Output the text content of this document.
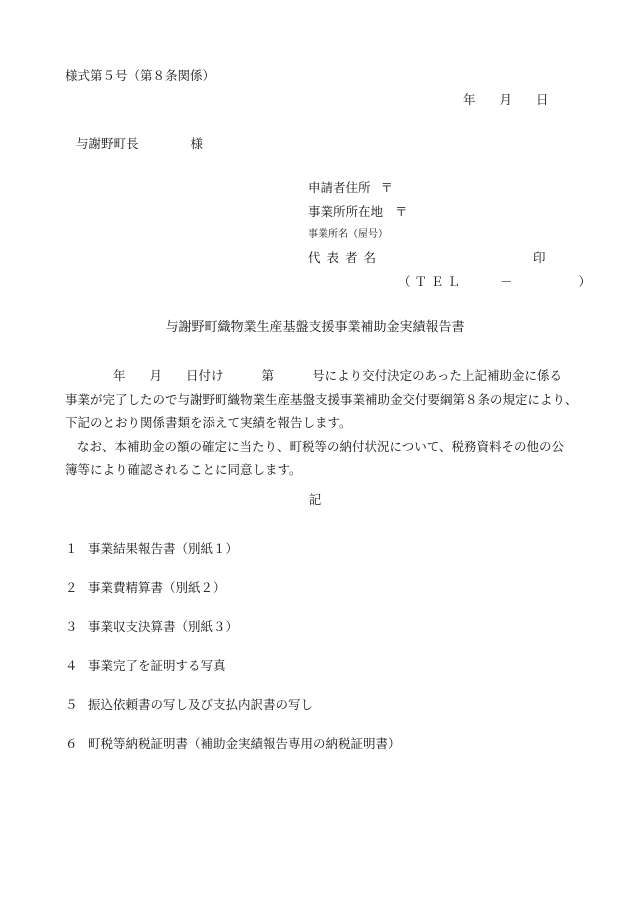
様式第５号（第８条関係）
年 月 日
与謝野町長	様
申請者住所 〒
事業所所在地 〒
事業所名（屋号）
代表者名	印
（ＴＥＬ	－	）
与謝野町織物業生産基盤支援事業補助金実績報告書

年 月 日付け	第	号により交付決定のあった上記補助金に係る

事業が完了したので与謝野町織物業生産基盤支援事業補助金交付要綱第８条の規定により、

下記のとおり関係書類を添えて実績を報告します。

なお、本補助金の額の確定に当たり、町税等の納付状況について、税務資料その他の公

簿等により確認されることに同意します。

記
１ 事業結果報告書（別紙１）
２ 事業費精算書（別紙２）
３ 事業収支決算書（別紙３）
４ 事業完了を証明する写真
５ 振込依頼書の写し及び支払内訳書の写し
６ 町税等納税証明書（補助金実績報告専用の納税証明書）
